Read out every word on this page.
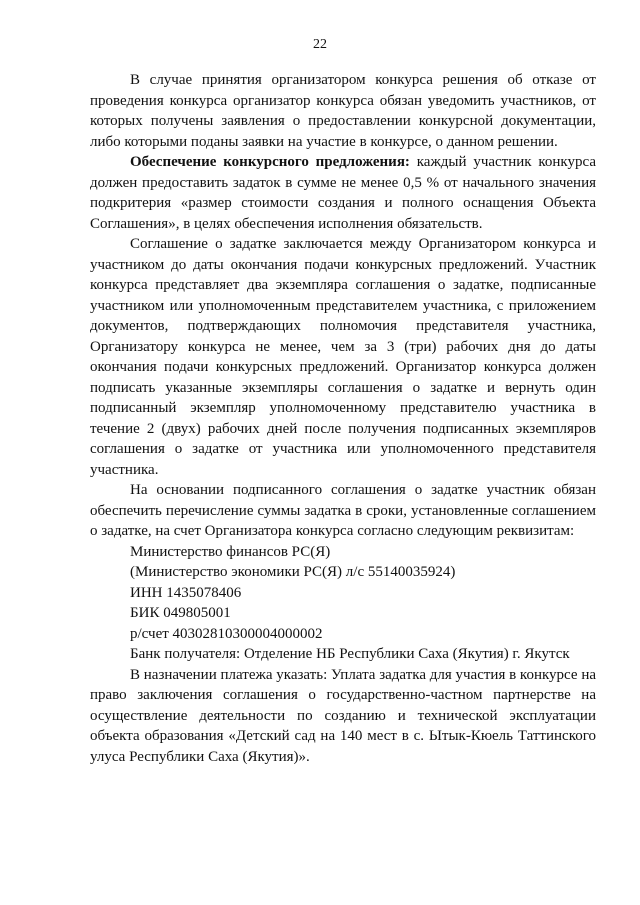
22

В случае принятия организатором конкурса решения об отказе от проведения конкурса организатор конкурса обязан уведомить участников, от которых получены заявления о предоставлении конкурсной документации, либо которыми поданы заявки на участие в конкурсе, о данном решении.

Обеспечение конкурсного предложения: каждый участник конкурса должен предоставить задаток в сумме не менее 0,5 % от начального значения подкритерия «размер стоимости создания и полного оснащения Объекта Соглашения», в целях обеспечения исполнения обязательств.

Соглашение о задатке заключается между Организатором конкурса и участником до даты окончания подачи конкурсных предложений. Участник конкурса представляет два экземпляра соглашения о задатке, подписанные участником или уполномоченным представителем участника, с приложением документов, подтверждающих полномочия представителя участника, Организатору конкурса не менее, чем за 3 (три) рабочих дня до даты окончания подачи конкурсных предложений. Организатор конкурса должен подписать указанные экземпляры соглашения о задатке и вернуть один подписанный экземпляр уполномоченному представителю участника в течение 2 (двух) рабочих дней после получения подписанных экземпляров соглашения о задатке от участника или уполномоченного представителя участника.

На основании подписанного соглашения о задатке участник обязан обеспечить перечисление суммы задатка в сроки, установленные соглашением о задатке, на счет Организатора конкурса согласно следующим реквизитам:

Министерство финансов РС(Я)

(Министерство экономики РС(Я) л/с 55140035924)

ИНН 1435078406

БИК 049805001

р/счет 40302810300004000002

Банк получателя: Отделение НБ Республики Саха (Якутия) г. Якутск

В назначении платежа указать: Уплата задатка для участия в конкурсе на право заключения соглашения о государственно-частном партнерстве на осуществление деятельности по созданию и технической эксплуатации объекта образования «Детский сад на 140 мест в с. Ытык-Кюель Таттинского улуса Республики Саха (Якутия)».
